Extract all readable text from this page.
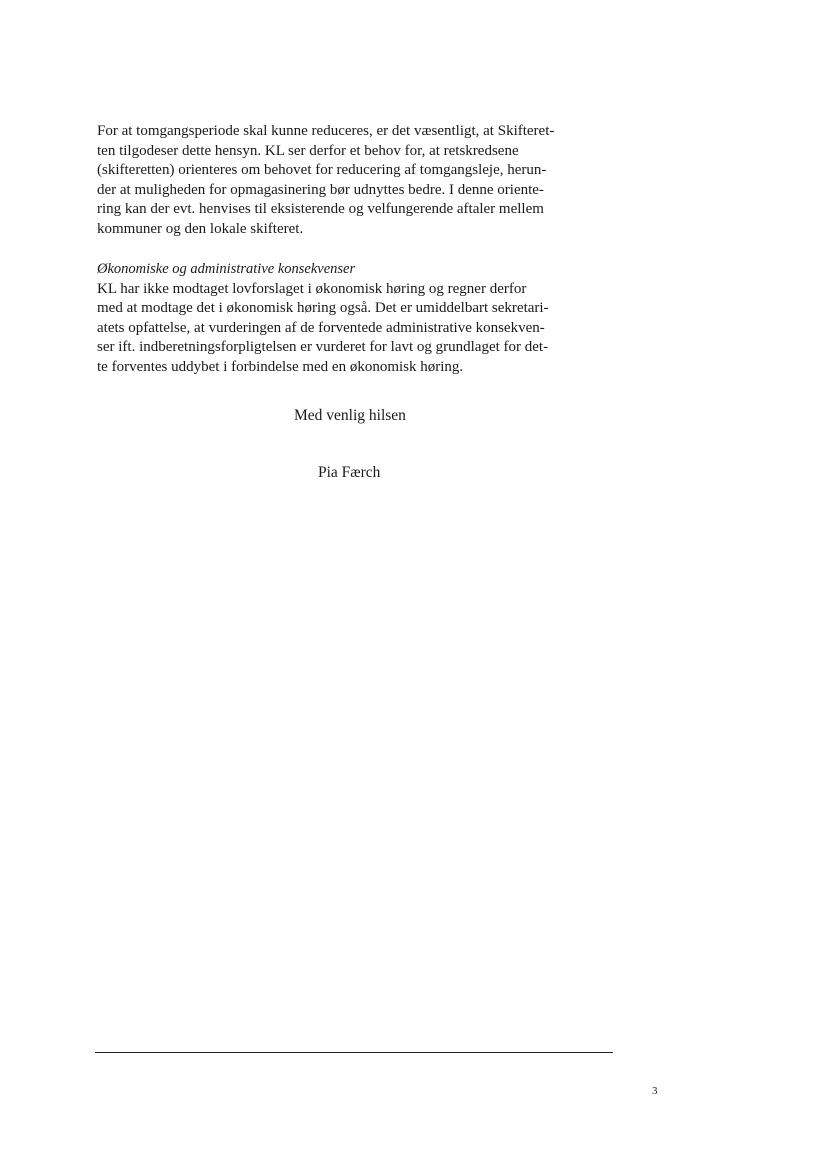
For at tomgangsperiode skal kunne reduceres, er det væsentligt, at Skifteret-
ten tilgodeser dette hensyn. KL ser derfor et behov for, at retskredsene
(skifteretten) orienteres om behovet for reducering af tomgangsleje, herun-
der at muligheden for opmagasinering bør udnyttes bedre. I denne oriente-
ring kan der evt. henvises til eksisterende og velfungerende aftaler mellem
kommuner og den lokale skifteret.
Økonomiske og administrative konsekvenser
KL har ikke modtaget lovforslaget i økonomisk høring og regner derfor
med at modtage det i økonomisk høring også. Det er umiddelbart sekretari-
atets opfattelse, at vurderingen af de forventede administrative konsekven-
ser ift. indberetningsforpligtelsen er vurderet for lavt og grundlaget for det-
te forventes uddybet i forbindelse med en økonomisk høring.
Med venlig hilsen
Pia Færch
3
